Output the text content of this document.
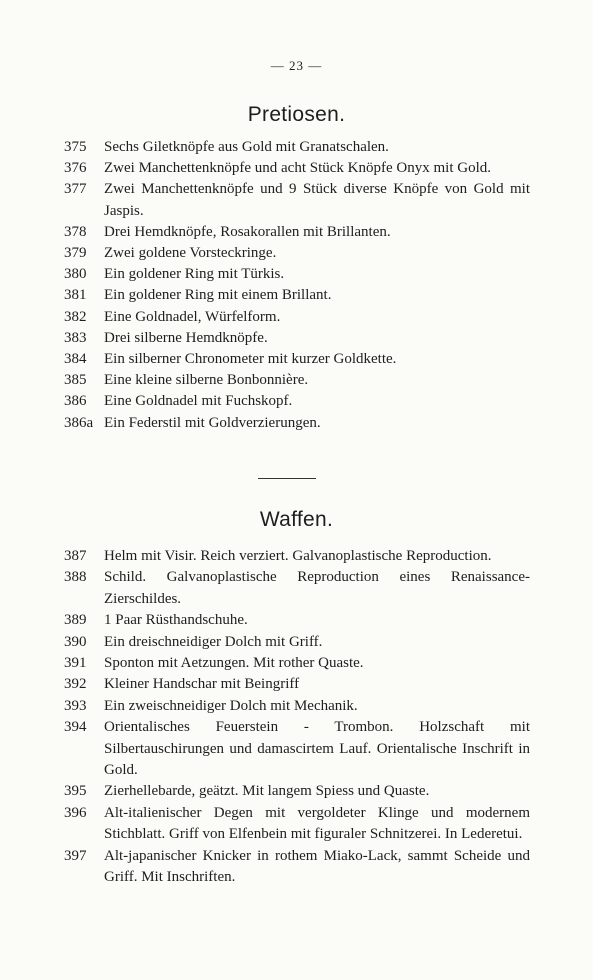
— 23 —
Pretiosen.
375	Sechs Giletknöpfe aus Gold mit Granatschalen.
376	Zwei Manchettenknöpfe und acht Stück Knöpfe Onyx mit Gold.
377	Zwei Manchettenknöpfe und 9 Stück diverse Knöpfe von Gold mit Jaspis.
378	Drei Hemdknöpfe, Rosakorallen mit Brillanten.
379	Zwei goldene Vorsteckringe.
380	Ein goldener Ring mit Türkis.
381	Ein goldener Ring mit einem Brillant.
382	Eine Goldnadel, Würfelform.
383	Drei silberne Hemdknöpfe.
384	Ein silberner Chronometer mit kurzer Goldkette.
385	Eine kleine silberne Bonbonnière.
386	Eine Goldnadel mit Fuchskopf.
386a Ein Federstil mit Goldverzierungen.
Waffen.
387	Helm mit Visir. Reich verziert. Galvanoplastische Reproduction.
388	Schild. Galvanoplastische Reproduction eines Renaissance-Zierschildes.
389	1 Paar Rüsthandschuhe.
390	Ein dreischneidiger Dolch mit Griff.
391	Sponton mit Aetzungen. Mit rother Quaste.
392	Kleiner Handschar mit Beingriff
393	Ein zweischneidiger Dolch mit Mechanik.
394	Orientalisches Feuerstein - Trombon. Holzschaft mit Silbertauschirungen und damascirtem Lauf. Orientalische Inschrift in Gold.
395	Zierhellebarde, geätzt. Mit langem Spiess und Quaste.
396	Alt-italienischer Degen mit vergoldeter Klinge und modernem Stichblatt. Griff von Elfenbein mit figuraler Schnitzerei. In Lederetui.
397	Alt-japanischer Knicker in rothem Miako-Lack, sammt Scheide und Griff. Mit Inschriften.
